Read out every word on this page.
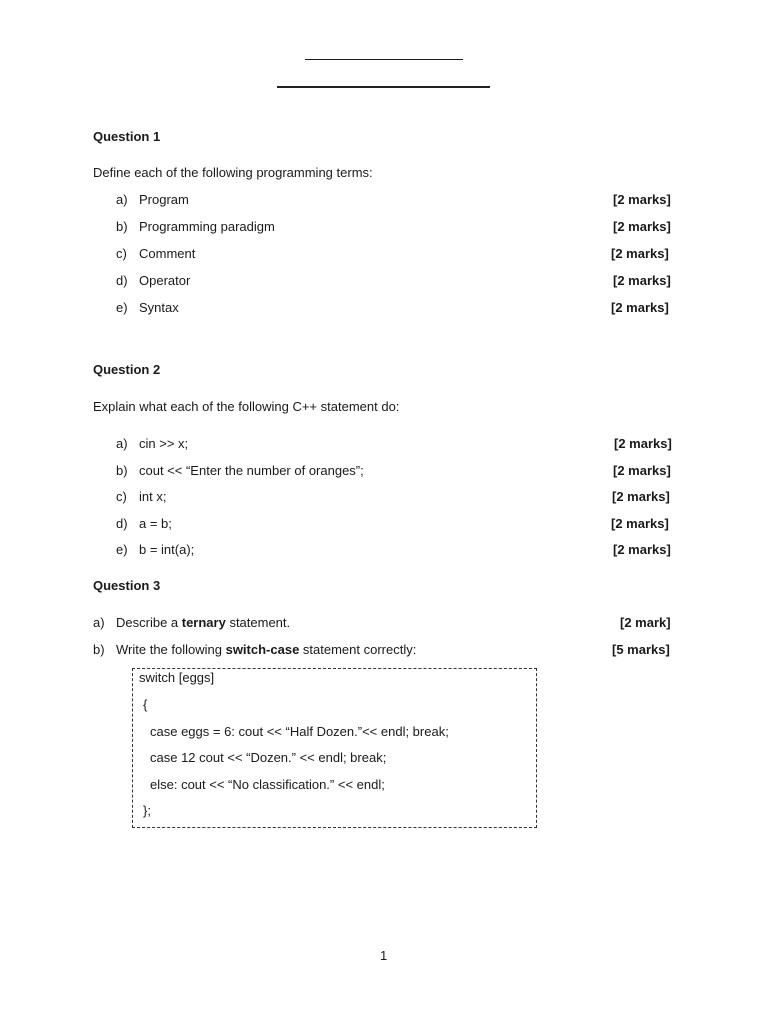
Question 1
Define each of the following programming terms:
a) Program	[2 marks]
b) Programming paradigm	[2 marks]
c) Comment	[2 marks]
d) Operator	[2 marks]
e) Syntax	[2 marks]
Question 2
Explain what each of the following C++ statement do:
a) cin >> x;	[2 marks]
b) cout << “Enter the number of oranges”;	[2 marks]
c) int x;	[2 marks]
d) a = b;	[2 marks]
e) b = int(a);	[2 marks]
Question 3
a) Describe a ternary statement.	[2 mark]
b) Write the following switch-case statement correctly:	[5 marks]
switch [eggs]
{
case eggs = 6: cout << “Half Dozen.”<< endl; break;
case 12 cout << “Dozen.” << endl; break;
else: cout << “No classification.” << endl;
};
1
